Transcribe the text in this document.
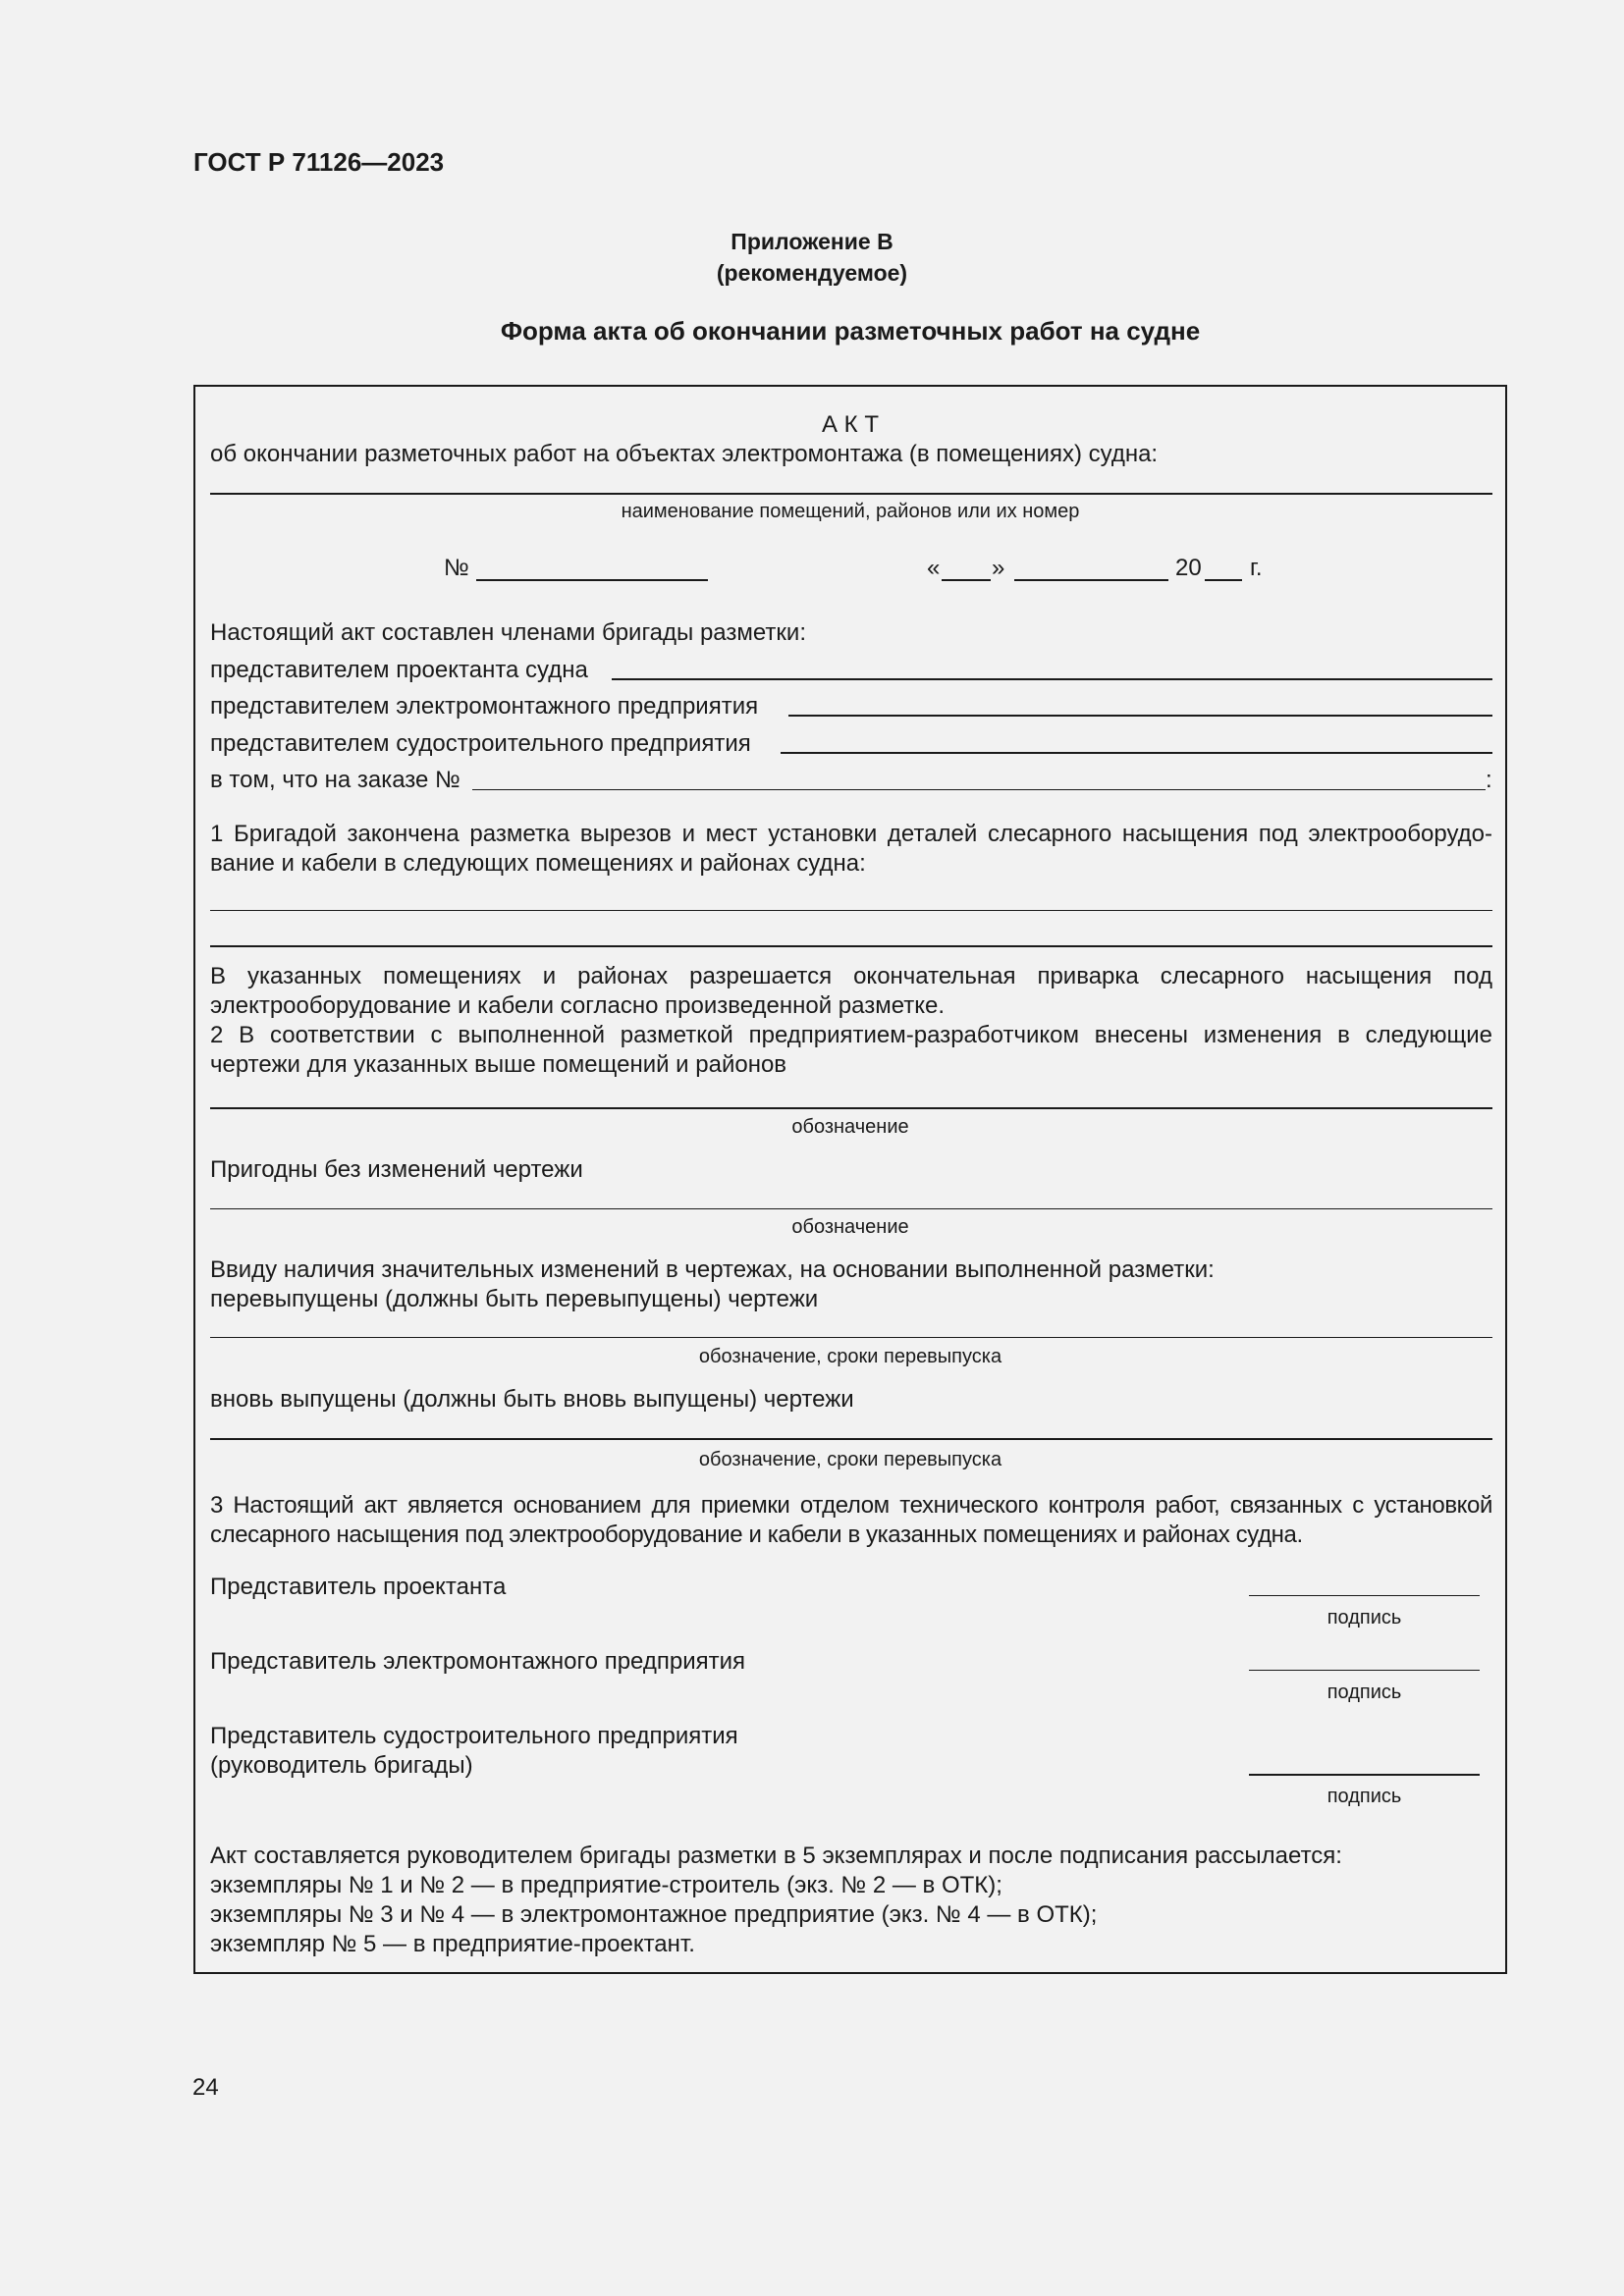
ГОСТ Р 71126—2023
Приложение В
(рекомендуемое)
Форма акта об окончании разметочных работ на судне
А К Т
об окончании разметочных работ на объектах электромонтажа (в помещениях) судна:
наименование помещений, районов или их номер
№	« »	20 г.
Настоящий акт составлен членами бригады разметки:
представителем проектанта судна
представителем электромонтажного предприятия
представителем судостроительного предприятия
в том, что на заказе №	:
1 Бригадой закончена разметка вырезов и мест установки деталей слесарного насыщения под электрооборудо-вание и кабели в следующих помещениях и районах судна:
В указанных помещениях и районах разрешается окончательная приварка слесарного насыщения под электрооборудование и кабели согласно произведенной разметке.
2 В соответствии с выполненной разметкой предприятием-разработчиком внесены изменения в следующие чертежи для указанных выше помещений и районов
обозначение
Пригодны без изменений чертежи
обозначение
Ввиду наличия значительных изменений в чертежах, на основании выполненной разметки:
перевыпущены (должны быть перевыпущены) чертежи
обозначение, сроки перевыпуска
вновь выпущены (должны быть вновь выпущены) чертежи
обозначение, сроки перевыпуска
3 Настоящий акт является основанием для приемки отделом технического контроля работ, связанных с установкой слесарного насыщения под электрооборудование и кабели в указанных помещениях и районах судна.
Представитель проектанта
подпись
Представитель электромонтажного предприятия
подпись
Представитель судостроительного предприятия
(руководитель бригады)
подпись
Акт составляется руководителем бригады разметки в 5 экземплярах и после подписания рассылается:
экземпляры № 1 и № 2 — в предприятие-строитель (экз. № 2 — в ОТК);
экземпляры № 3 и № 4 — в электромонтажное предприятие (экз. № 4 — в ОТК);
экземпляр № 5 — в предприятие-проектант.
24
